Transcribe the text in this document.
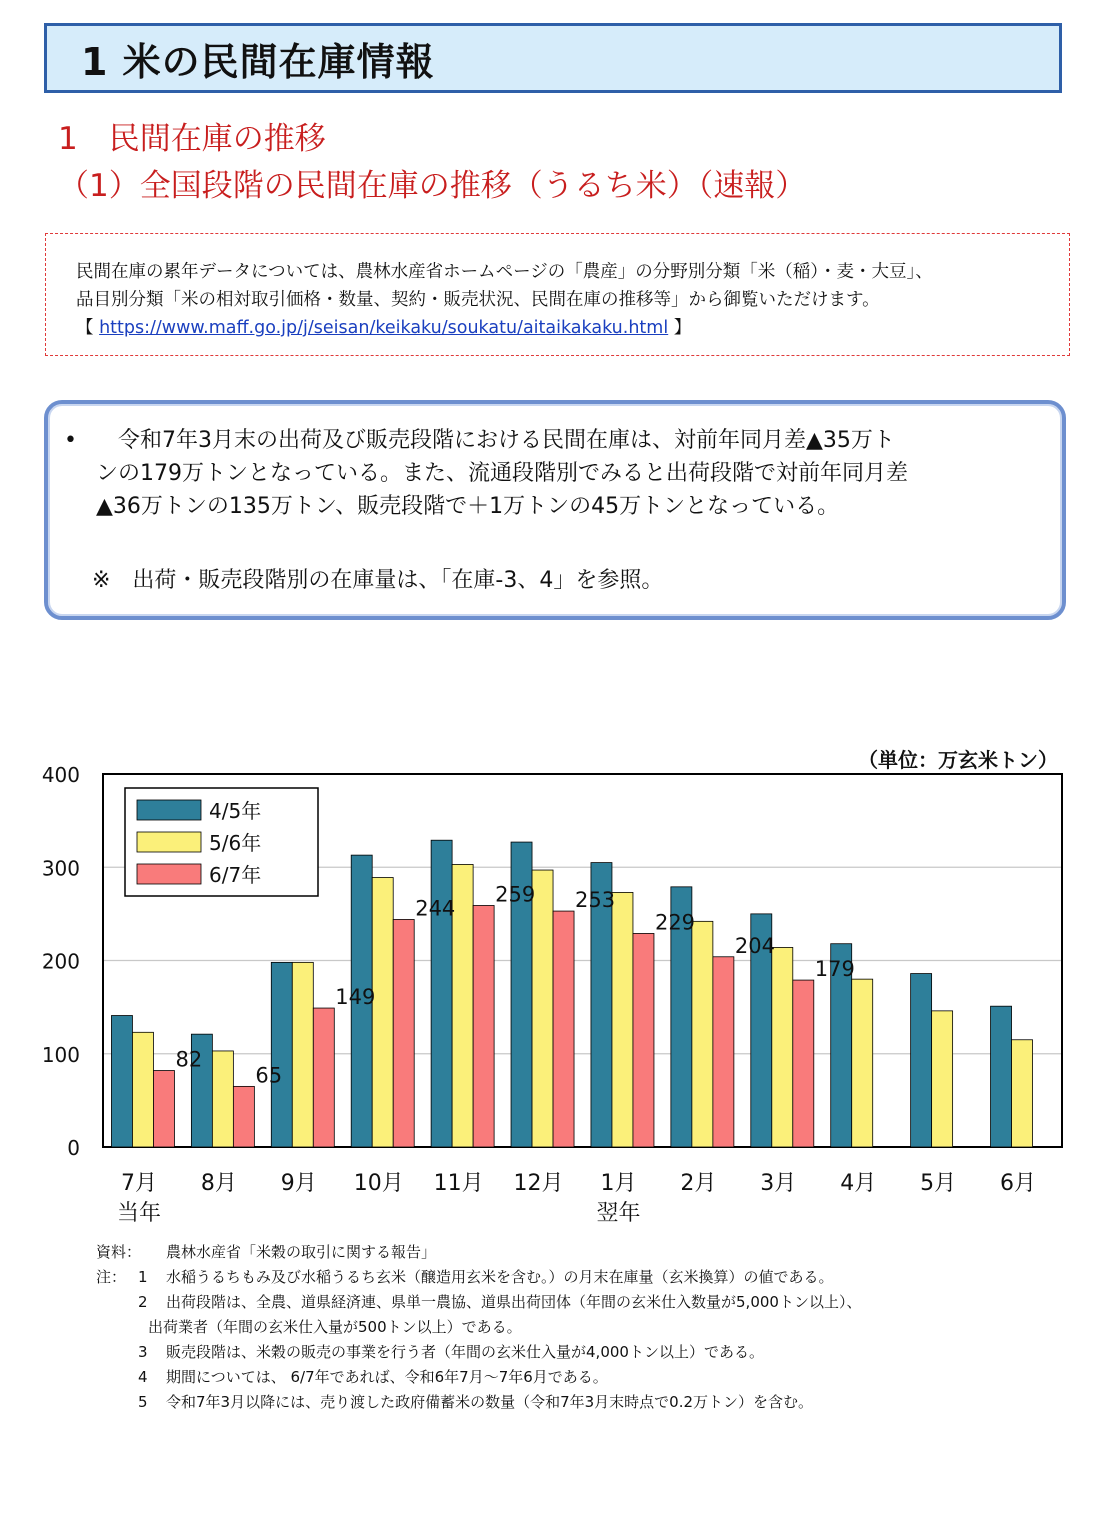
1 米の民間在庫情報
1　民間在庫の推移
（1）全国段階の民間在庫の推移（うるち米）（速報）
民間在庫の累年データについては、農林水産省ホームページの「農産」の分野別分類「米（稲）・麦・大豆」、
品目別分類「米の相対取引価格・数量、契約・販売状況、民間在庫の推移等」から御覧いただけます。
【 https://www.maff.go.jp/j/seisan/keikaku/soukatu/aitaikakaku.html 】
• 　令和7年3月末の出荷及び販売段階における民間在庫は、対前年同月差▲35万ト
ンの179万トンとなっている。また、流通段階別でみると出荷段階で対前年同月差
▲36万トンの135万トン、販売段階で＋1万トンの45万トンとなっている。
※　出荷・販売段階別の在庫量は、「在庫-3、4」を参照。
（単位：万玄米トン）
0
100
200
300
400
82
65
149
244
259 253
229
204
179
7月
当年
8月 9月 10月 11月 12月 1月
翌年
2月 3月 4月 5月 6月
4/5年
5/6年
6/7年
資料： 農林水産省「米穀の取引に関する報告」
注： 1 水稲うるちもみ及び水稲うるち玄米（醸造用玄米を含む。）の月末在庫量（玄米換算）の値である。
2 出荷段階は、全農、道県経済連、県単一農協、道県出荷団体（年間の玄米仕入数量が5,000トン以上）、
出荷業者（年間の玄米仕入量が500トン以上）である。
3 販売段階は、米穀の販売の事業を行う者（年間の玄米仕入量が4,000トン以上）である。
4 期間については、 6/7年であれば、令和6年7月～7年6月である。
5 令和7年3月以降には、売り渡した政府備蓄米の数量（令和7年3月末時点で0.2万トン）を含む。
